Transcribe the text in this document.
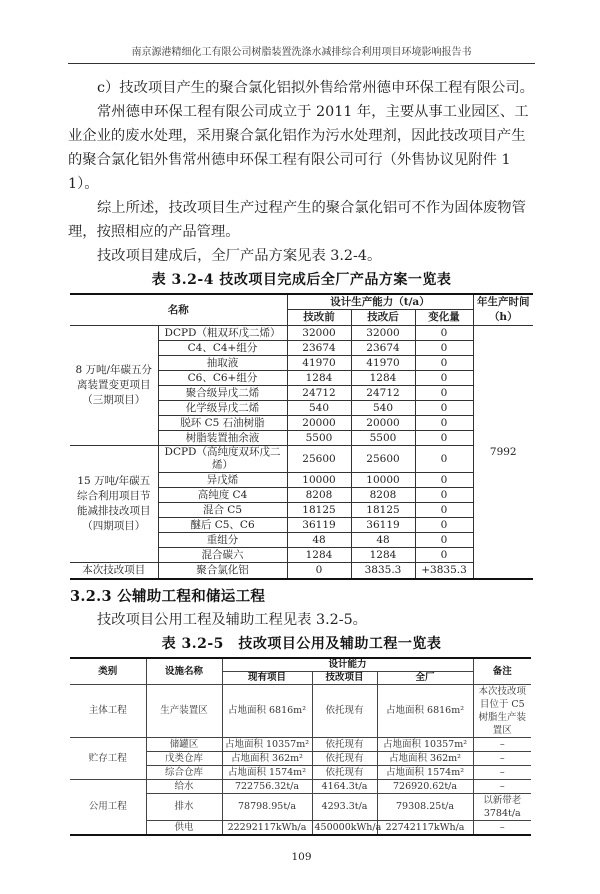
南京源港精细化工有限公司树脂装置洗涤水减排综合利用项目环境影响报告书
c）技改项目产生的聚合氯化铝拟外售给常州德申环保工程有限公司。
常州德申环保工程有限公司成立于 2011 年，主要从事工业园区、工业企业的废水处理，采用聚合氯化铝作为污水处理剂，因此技改项目产生的聚合氯化铝外售常州德申环保工程有限公司可行（外售协议见附件 11）。
综上所述，技改项目生产过程产生的聚合氯化铝可不作为固体废物管理，按照相应的产品管理。
技改项目建成后，全厂产品方案见表 3.2-4。
表 3.2-4 技改项目完成后全厂产品方案一览表
名称		设计生产能力（t/a）			年生产时间（h）
		技改前	技改后	变化量	
8 万吨/年碳五分离装置变更项目（三期项目）	DCPD（粗双环戊二烯）	32000	32000	0	7992
	C4、C4+组分	23674	23674	0	
	抽取液	41970	41970	0	
	C6、C6+组分	1284	1284	0	
	聚合级异戊二烯	24712	24712	0	
	化学级异戊二烯	540	540	0	
	脱环 C5 石油树脂	20000	20000	0	
	树脂装置抽余液	5500	5500	0	
15 万吨/年碳五综合利用项目节能减排技改项目（四期项目）	DCPD（高纯度双环戊二烯）	25600	25600	0	
	异戊烯	10000	10000	0	
	高纯度 C4	8208	8208	0	
	混合 C5	18125	18125	0	
	醚后 C5、C6	36119	36119	0	
	重组分	48	48	0	
	混合碳六	1284	1284	0	
本次技改项目	聚合氯化铝	0	3835.3	+3835.3	
3.2.3 公辅助工程和储运工程
技改项目公用工程及辅助工程见表 3.2-5。
表 3.2-5　技改项目公用及辅助工程一览表
类别	设施名称	设计能力			备注
		现有项目	技改项目	全厂	
主体工程	生产装置区	占地面积 6816m²	依托现有	占地面积 6816m²	本次技改项目位于 C5 树脂生产装置区
贮存工程	储罐区	占地面积 10357m²	依托现有	占地面积 10357m²	–
	戊类仓库	占地面积 362m²	依托现有	占地面积 362m²	–
	综合仓库	占地面积 1574m²	依托现有	占地面积 1574m²	–
公用工程	给水	722756.32t/a	4164.3t/a	726920.62t/a	–
	排水	78798.95t/a	4293.3t/a	79308.25t/a	以新带老 3784t/a
	供电	22292117kWh/a	450000kWh/a	22742117kWh/a	–
109
